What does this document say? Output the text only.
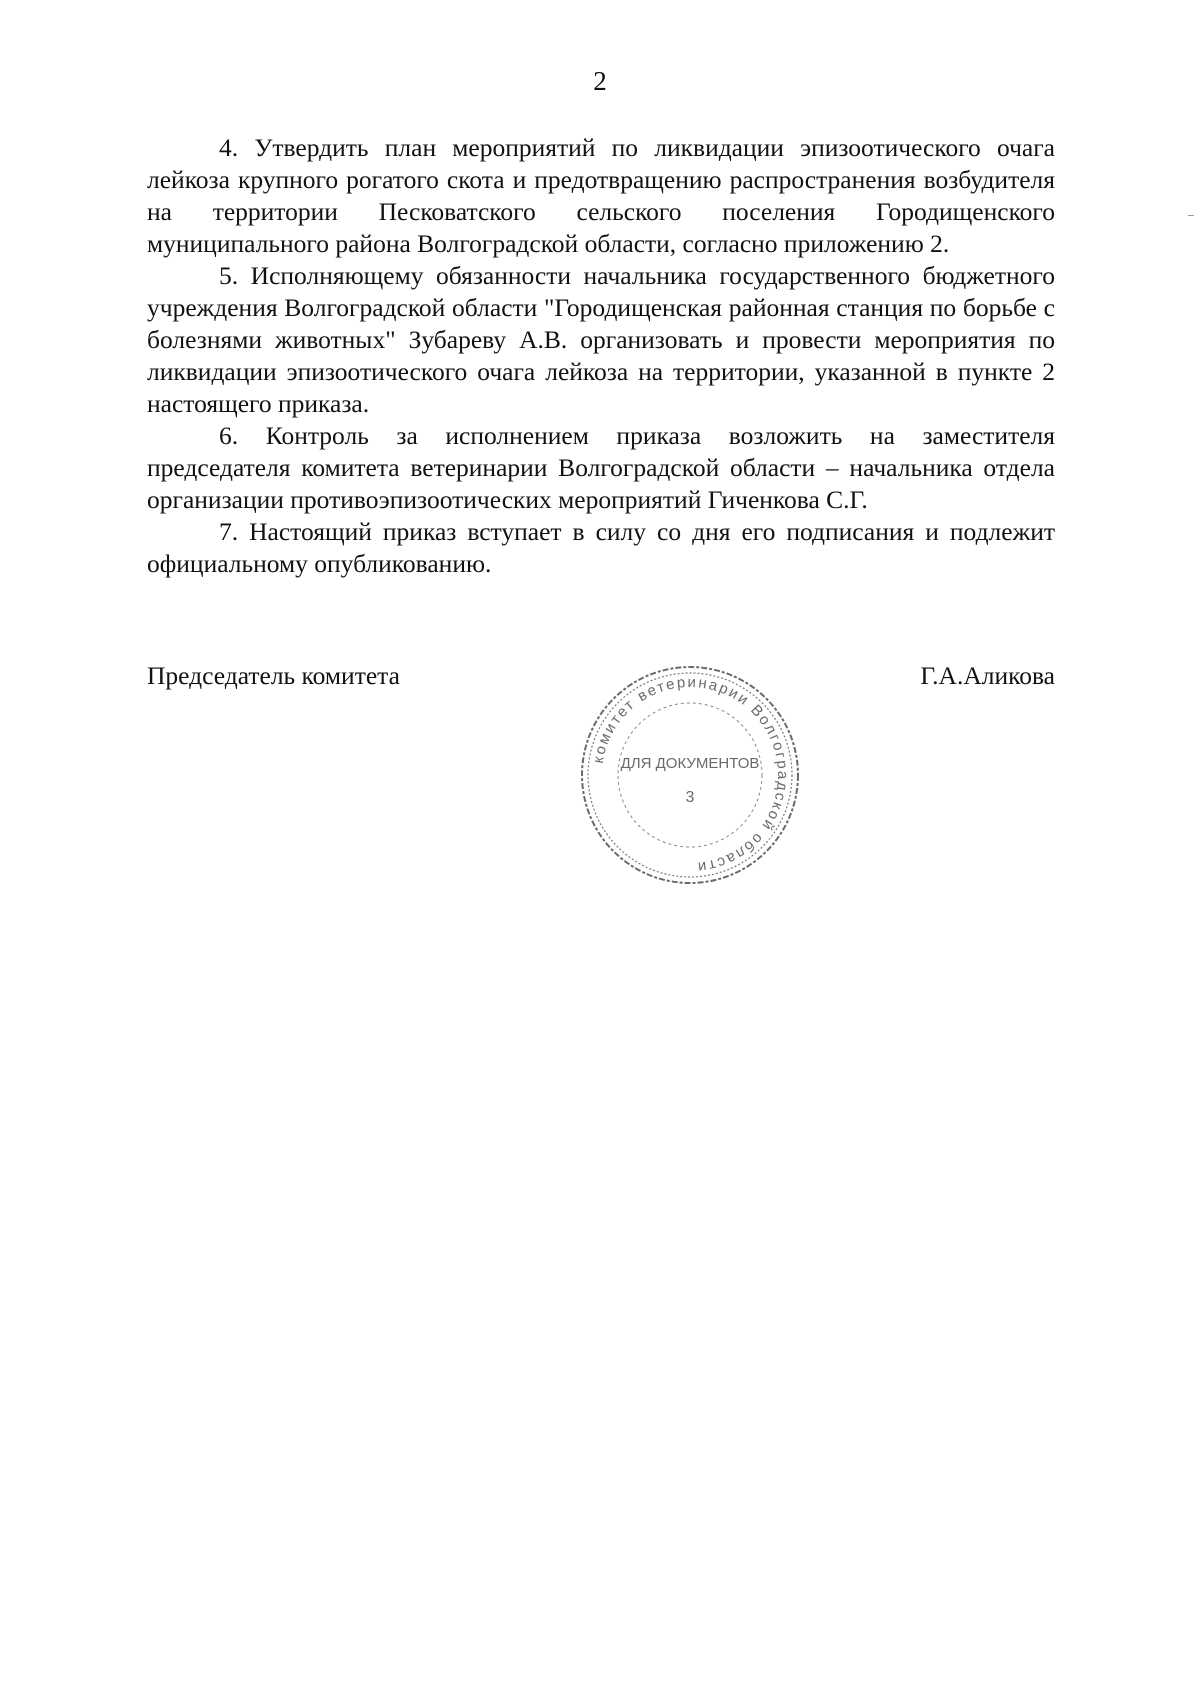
2

4. Утвердить план мероприятий по ликвидации эпизоотического очага лейкоза крупного рогатого скота и предотвращению распространения возбудителя на территории Песковатского сельского поселения Городищенского муниципального района Волгоградской области, согласно приложению 2.

5. Исполняющему обязанности начальника государственного бюджетного учреждения Волгоградской области "Городищенская районная станция по борьбе с болезнями животных" Зубареву А.В. организовать и провести мероприятия по ликвидации эпизоотического очага лейкоза на территории, указанной в пункте 2 настоящего приказа.

6. Контроль за исполнением приказа возложить на заместителя председателя комитета ветеринарии Волгоградской области – начальника отдела организации противоэпизоотических мероприятий Гиченкова С.Г.

7. Настоящий приказ вступает в силу со дня его подписания и подлежит официальному опубликованию.

Председатель комитета	Г.А.Аликова
комитет ветеринарии Волгоградской области
ДЛЯ ДОКУМЕНТОВ
3
